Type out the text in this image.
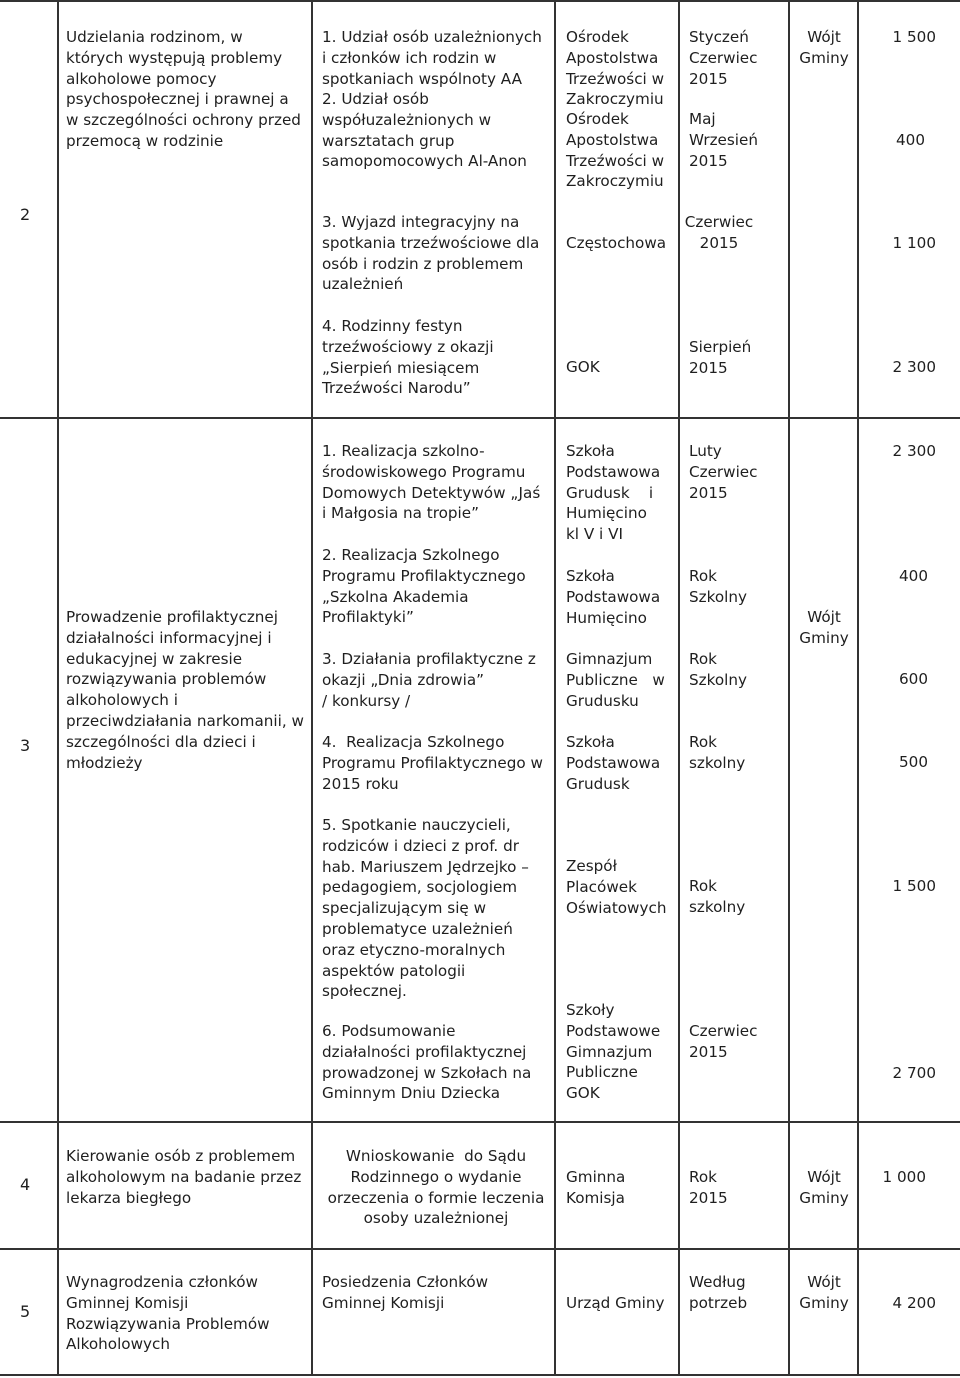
2

Udzielania rodzinom, w
których występują problemy
alkoholowe pomocy
psychospołecznej i prawnej a
w szczególności ochrony przed
przemocą w rodzinie

1. Udział osób uzależnionych
i członków ich rodzin w
spotkaniach wspólnoty AA

2. Udział osób
współuzależnionych w
warsztatach grup
samopomocowych Al-Anon

3. Wyjazd integracyjny na
spotkania trzeźwościowe dla
osób i rodzin z problemem
uzależnień

4. Rodzinny festyn
trzeźwościowy z okazji
„Sierpień miesiącem
Trzeźwości Narodu”

Ośrodek
Apostolstwa
Trzeźwości w
Zakroczymiu

Ośrodek
Apostolstwa
Trzeźwości w
Zakroczymiu

Częstochowa

GOK

Styczeń
Czerwiec
2015

Maj
Wrzesień
2015

Czerwiec
2015

Sierpień
2015

Wójt
Gminy

1 500

400

1 100

2 300

3

Prowadzenie profilaktycznej
działalności informacyjnej i
edukacyjnej w zakresie
rozwiązywania problemów
alkoholowych i
przeciwdziałania narkomanii, w
szczególności dla dzieci i
młodzieży

1. Realizacja szkolno-
środowiskowego Programu
Domowych Detektywów „Jaś
i Małgosia na tropie”

2. Realizacja Szkolnego
Programu Profilaktycznego
„Szkolna Akademia
Profilaktyki”

3. Działania profilaktyczne z
okazji „Dnia zdrowia”
/ konkursy /

4.  Realizacja Szkolnego
Programu Profilaktycznego w
2015 roku

5. Spotkanie nauczycieli,
rodziców i dzieci z prof. dr
hab. Mariuszem Jędrzejko –
pedagogiem, socjologiem
specjalizującym się w
problematyce uzależnień
oraz etyczno-moralnych
aspektów patologii
społecznej.

6. Podsumowanie
działalności profilaktycznej
prowadzonej w Szkołach na
Gminnym Dniu Dziecka

Szkoła
Podstawowa
Grudusk    i
Humięcino
kl V i VI

Szkoła
Podstawowa
Humięcino

Gimnazjum
Publiczne   w
Grudusku

Szkoła
Podstawowa
Grudusk

Zespół
Placówek
Oświatowych

Szkoły
Podstawowe
Gimnazjum
Publiczne
GOK

Luty
Czerwiec
2015

Rok
Szkolny

Rok
Szkolny

Rok
szkolny

Rok
szkolny

Czerwiec
2015

Wójt
Gminy

2 300

400

600

500

1 500

2 700

4

Kierowanie osób z problemem
alkoholowym na badanie przez
lekarza biegłego

Wnioskowanie  do Sądu
Rodzinnego o wydanie
orzeczenia o formie leczenia
osoby uzależnionej

Gminna
Komisja

Rok
2015

Wójt
Gminy

1 000

5

Wynagrodzenia członków
Gminnej Komisji
Rozwiązywania Problemów
Alkoholowych

Posiedzenia Członków
Gminnej Komisji	Urząd Gminy

Według
potrzeb

Wójt
Gminy	4 200
